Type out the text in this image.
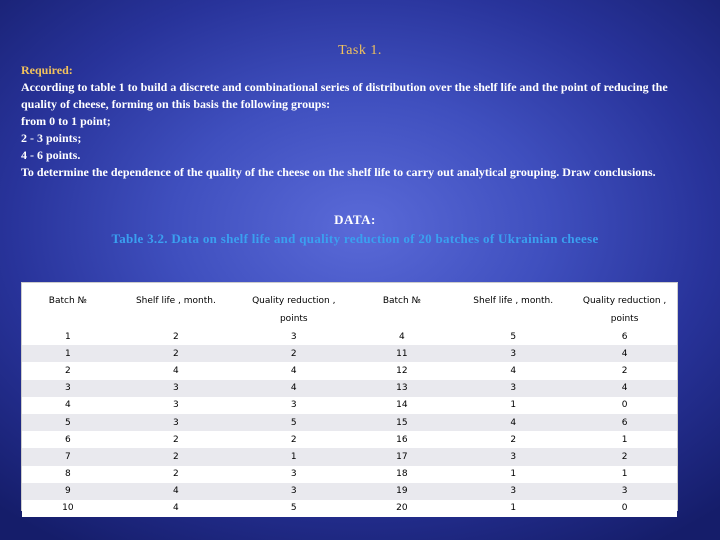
Task 1.
Required:
According to table 1 to build a discrete and combinational series of distribution over the shelf life and the point of reducing the quality of cheese, forming on this basis the following groups:
from 0 to 1 point;
2 - 3 points;
4 - 6 points.
To determine the dependence of the quality of the cheese on the shelf life to carry out analytical grouping. Draw conclusions.
DATA:
Table 3.2. Data on shelf life and quality reduction of 20 batches of Ukrainian cheese
Batch №	Shelf life , month.	Quality reduction , points	Batch №	Shelf life , month.	Quality reduction , points
1	2	3	4	5	6
1	2	2	11	3	4
2	4	4	12	4	2
3	3	4	13	3	4
4	3	3	14	1	0
5	3	5	15	4	6
6	2	2	16	2	1
7	2	1	17	3	2
8	2	3	18	1	1
9	4	3	19	3	3
10	4	5	20	1	0
